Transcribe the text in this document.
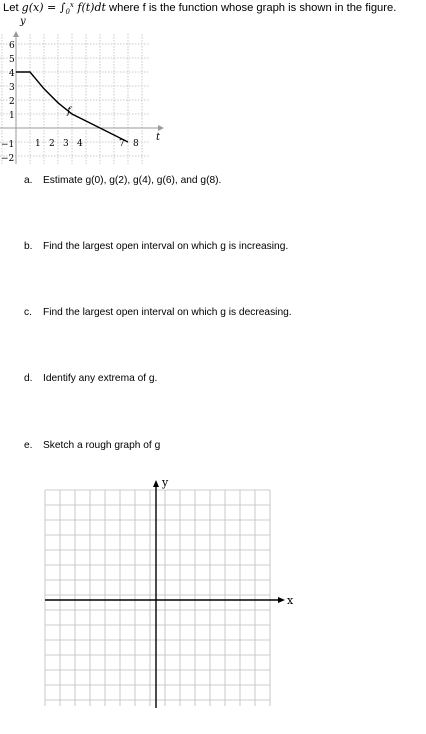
Let $g(x) = \int_0^x$ f(t)dt where f is the function whose graph is shown in the figure.
y
t
f
6
5
4
3
2
1
−1
−2
1 2 3 4	7 8
a. Estimate g(0), g(2), g(4), g(6), and g(8).
b. Find the largest open interval on which g is increasing.
c. Find the largest open interval on which g is decreasing.
d. Identify any extrema of g.
e. Sketch a rough graph of g
y
x
